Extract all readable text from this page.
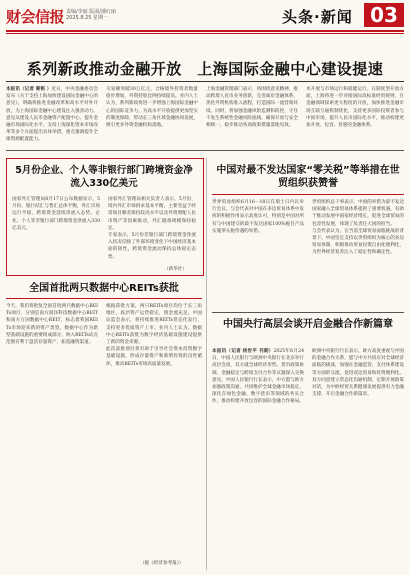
财会信报 责编/李丽 版面/潘红丽 2025.8.25 星期一	头条·新闻 03
系列新政推动金融开放　上海国际金融中心建设提速
本报讯（记者 秦铭 ）近日，中央金融委员会发布《关于支持上海加快建设国际金融中心的意见》，明确将推进金融改革和高水平对外开放，为上海国际金融中心建设注入强劲动力。意见从建设人民币金融资产配置中心、提升金融市场国际化水平、支持上海深化资本市场改革等多个方面提出具体举措，重点强调提升全球资源配置能力。
交易额突破30万亿元，合格境外投资者数量稳步增加，外资持股比例持续提高。业内人士认为，系列新政将进一步增强上海国际金融中心的国际竞争力，为高水平开放提供更加坚实的制度保障，带动长三角区域金融协同发展，吸引更多外资金融机构落地。
上海金融管理部门表示，将围绕意见精神，推动跨境人民币业务创新，完善离岸金融体系，优化外资机构准入流程，打造国际一流营商环境。同时，将加强金融风险监测和防控，守住不发生系统性金融风险底线，确保开放与安全相统一，稳步推动各项政策措施落地见效。
术开展与市场运行和稳健运行。在制度型开放方面，上海将进一步对接国际高标准经贸规则，在金融领域探索更大程度的开放，加快推进金融市场互联互通机制优化，支持更多国际投资者参与中国市场，提升人民币国际化水平，推动构建更加开放、包容、普惠的金融体系。
5月份企业、个人等非银行部门跨境资金净流入330亿美元
国家外汇管理局8月17日公布数据显示，5月份，银行结汇与售汇总体平衡，外汇市场运行平稳，跨境资金延续净流入态势。企业、个人等非银行部门跨境资金净流入330亿美元。
国家外汇管理局相关负责人表示，5月份，境内外汇市场供求基本平衡，主要受益于经常项目顺差保持较高水平以及外资增配人民币资产等因素推动，外汇储备规模保持稳定。
专家表示，5月份非银行部门跨境资金净流入状况反映了外部环境变化下中国经济基本面的韧性，跨境资金流动保持总体稳定态势。
（新华社）
全国首批两只数据中心REITs获批
今天，我们将批复全国首批两只数据中心REITs项目，分别是南方润泽科技数据中心REIT和南方万国数据中心REIT，标志着我国REITs市场迎来新的资产类型。数据中心作为新型基础设施的重要组成部分，纳入REITs试点范围有利于盘活存量资产，拓宽融资渠道。
根据获批方案，两只REITs项目均位于长三角地区，底层资产运营稳定，现金流充足。中国证监会表示，将持续推进REITs常态化发行，支持更多优质资产上市。业内人士认为，数据中心REITs获批为数字经济基础设施建设提供了新的资金来源。
此次获批项目将有助于引导社会资本投资数字基础设施，形成存量资产和新增投资的良性循环，推动REITs市场高质量发展。
（据《经济参考报》）
中国对最不发达国家“零关税”等举措在世贸组织获赞誉
世界贸易组织6月16－18日在瑞士日内瓦举行会议，与会代表对中国在多边贸易体系中发挥的积极作用表示高度认可，特别是中国对所有与中国建交的最不发达国家100%税目产品实施零关税待遇的举措。
世贸组织总干事表示，中国的举措为最不发达国家融入全球贸易体系提供了重要机遇，有助于推动发展中国家经济增长，促进全球贸易的包容性发展，体现了负责任大国的担当。
与会代表认为，在当前全球贸易面临挑战的背景下，中国坚定支持以世贸组织为核心的多边贸易体制，积极推动贸易投资自由化便利化，为世界经济复苏注入了稳定性和确定性。
中国央行高层会谈开启金融合作新篇章
本报讯（记者 杨世平 刊期）2025年6月24日，中国人民银行与欧洲中央银行在北京举行高层会谈，双方就全球经济形势、货币政策协调、金融稳定与跨境支付合作等议题深入交换意见。中国人民银行行长表示，中方愿与欧方加强政策沟通，共同维护全球金融市场稳定，深化在绿色金融、数字货币等领域的务实合作，推动构建开放包容的国际金融合作格局。
欧洲中央银行行长表示，欧方高度重视与中国的金融合作关系，愿与中方共同应对全球经济面临的挑战，加强在金融监管、支付体系建设等方面的交流，促进双边贸易和投资便利化。双方同意建立常态化沟通机制，定期开展政策对话，为中欧经贸关系健康发展提供有力金融支撑，开启金融合作新篇章。
